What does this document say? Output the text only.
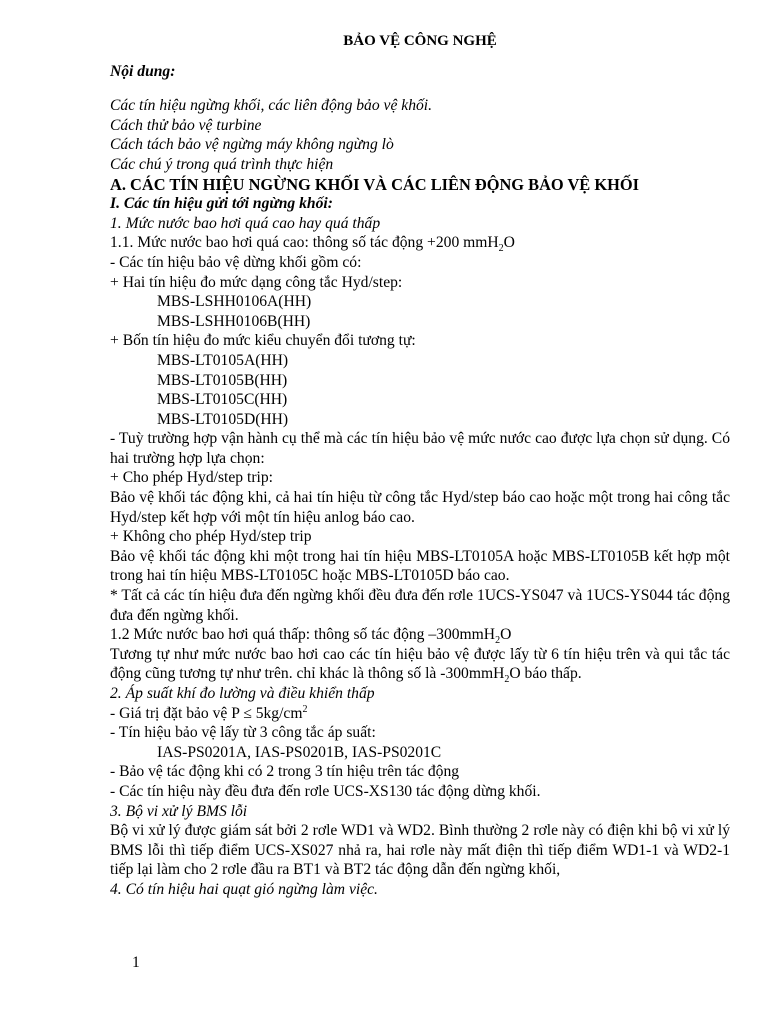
BẢO VỆ CÔNG NGHỆ
Nội dung:
Các tín hiệu ngừng khối, các liên động bảo vệ khối.
Cách thử bảo vệ turbine
Cách tách bảo vệ ngừng máy không ngừng lò
Các chú ý trong quá trình thực hiện
A. CÁC TÍN HIỆU NGỪNG KHỐI VÀ CÁC LIÊN ĐỘNG BẢO VỆ KHỐI
I. Các tín hiệu gửi tới ngừng khối:
1. Mức nước bao hơi quá cao hay quá thấp
1.1. Mức nước bao hơi quá cao: thông số tác động +200 mmH$_2$O
- Các tín hiệu bảo vệ dừng khối gồm có:
+ Hai tín hiệu đo mức dạng công tắc Hyd/step:
MBS-LSHH0106A(HH)
MBS-LSHH0106B(HH)
+ Bốn tín hiệu đo mức kiểu chuyển đổi tương tự:
MBS-LT0105A(HH)
MBS-LT0105B(HH)
MBS-LT0105C(HH)
MBS-LT0105D(HH)
- Tuỳ trường hợp vận hành cụ thể mà các tín hiệu bảo vệ mức nước cao được lựa chọn sử dụng. Có hai trường hợp lựa chọn:
+ Cho phép Hyd/step trip:
Bảo vệ khối tác động khi, cả hai tín hiệu từ công tắc Hyd/step báo cao hoặc một trong hai công tắc Hyd/step kết hợp với một tín hiệu anlog báo cao.
+ Không cho phép Hyd/step trip
Bảo vệ khối tác động khi một trong hai tín hiệu MBS-LT0105A hoặc MBS-LT0105B kết hợp một trong hai tín hiệu MBS-LT0105C hoặc MBS-LT0105D báo cao.
* Tất cả các tín hiệu đưa đến ngừng khối đều đưa đến rơle 1UCS-YS047 và 1UCS-YS044 tác động đưa đến ngừng khối.
1.2 Mức nước bao hơi quá thấp: thông số tác động –300mmH$_2$O
Tương tự như mức nước bao hơi cao các tín hiệu bảo vệ được lấy từ 6 tín hiệu trên và qui tắc tác động cũng tương tự như trên. chỉ khác là thông số là -300mmH$_2$O báo thấp.
2. Áp suất khí đo lường và điều khiển thấp
- Giá trị đặt bảo vệ $P \le 5kg/cm^2$
- Tín hiệu bảo vệ lấy từ 3 công tắc áp suất:
IAS-PS0201A, IAS-PS0201B, IAS-PS0201C
- Bảo vệ tác động khi có 2 trong 3 tín hiệu trên tác động
- Các tín hiệu này đều đưa đến rơle UCS-XS130 tác động dừng khối.
3. Bộ vi xử lý BMS lỗi
Bộ vi xử lý được giám sát bởi 2 rơle WD1 và WD2. Bình thường 2 rơle này có điện khi bộ vi xử lý BMS lỗi thì tiếp điểm UCS-XS027 nhả ra, hai rơle này mất điện thì tiếp điểm WD1-1 và WD2-1 tiếp lại làm cho 2 rơle đầu ra BT1 và BT2 tác động dẫn đến ngừng khối,
4. Có tín hiệu hai quạt gió ngừng làm việc.
1
